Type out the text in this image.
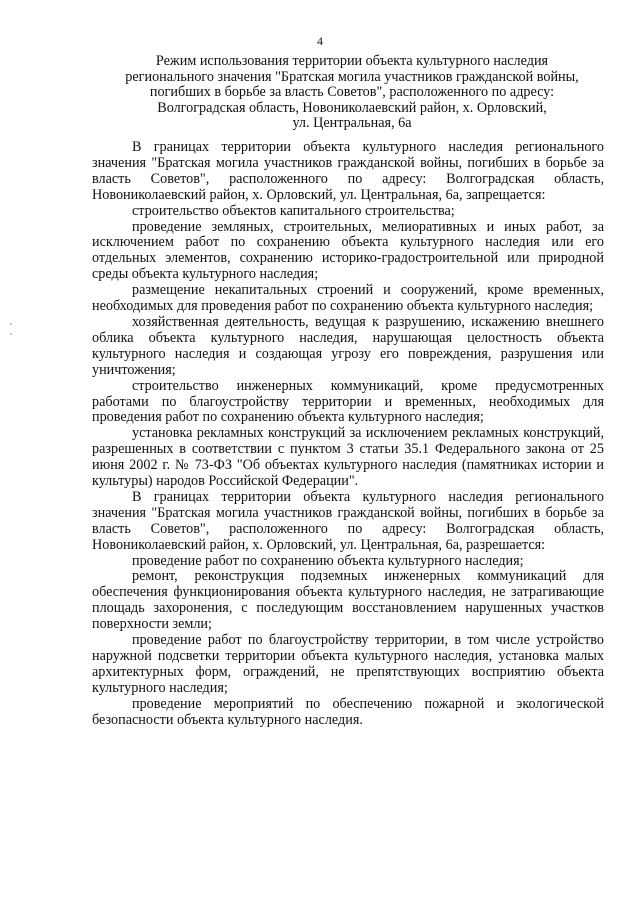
4
Режим использования территории объекта культурного наследия
регионального значения "Братская могила участников гражданской войны,
погибших в борьбе за власть Советов", расположенного по адресу:
Волгоградская область, Новониколаевский район, х. Орловский,
ул. Центральная, 6а

В границах территории объекта культурного наследия регионального значения "Братская могила участников гражданской войны, погибших в борьбе за власть Советов", расположенного по адресу: Волгоградская область, Новониколаевский район, х. Орловский, ул. Центральная, 6а, запрещается:

строительство объектов капитального строительства;

проведение земляных, строительных, мелиоративных и иных работ, за исключением работ по сохранению объекта культурного наследия или его отдельных элементов, сохранению историко-градостроительной или природной среды объекта культурного наследия;

размещение некапитальных строений и сооружений, кроме временных, необходимых для проведения работ по сохранению объекта культурного наследия;

хозяйственная деятельность, ведущая к разрушению, искажению внешнего облика объекта культурного наследия, нарушающая целостность объекта культурного наследия и создающая угрозу его повреждения, разрушения или уничтожения;

строительство инженерных коммуникаций, кроме предусмотренных работами по благоустройству территории и временных, необходимых для проведения работ по сохранению объекта культурного наследия;

установка рекламных конструкций за исключением рекламных конструкций, разрешенных в соответствии с пунктом 3 статьи 35.1 Федерального закона от 25 июня 2002 г. № 73-ФЗ "Об объектах культурного наследия (памятниках истории и культуры) народов Российской Федерации".

В границах территории объекта культурного наследия регионального значения "Братская могила участников гражданской войны, погибших в борьбе за власть Советов", расположенного по адресу: Волгоградская область, Новониколаевский район, х. Орловский, ул. Центральная, 6а, разрешается:

проведение работ по сохранению объекта культурного наследия;

ремонт, реконструкция подземных инженерных коммуникаций для обеспечения функционирования объекта культурного наследия, не затрагивающие площадь захоронения, с последующим восстановлением нарушенных участков поверхности земли;

проведение работ по благоустройству территории, в том числе устройство наружной подсветки территории объекта культурного наследия, установка малых архитектурных форм, ограждений, не препятствующих восприятию объекта культурного наследия;

проведение мероприятий по обеспечению пожарной и экологической безопасности объекта культурного наследия.
